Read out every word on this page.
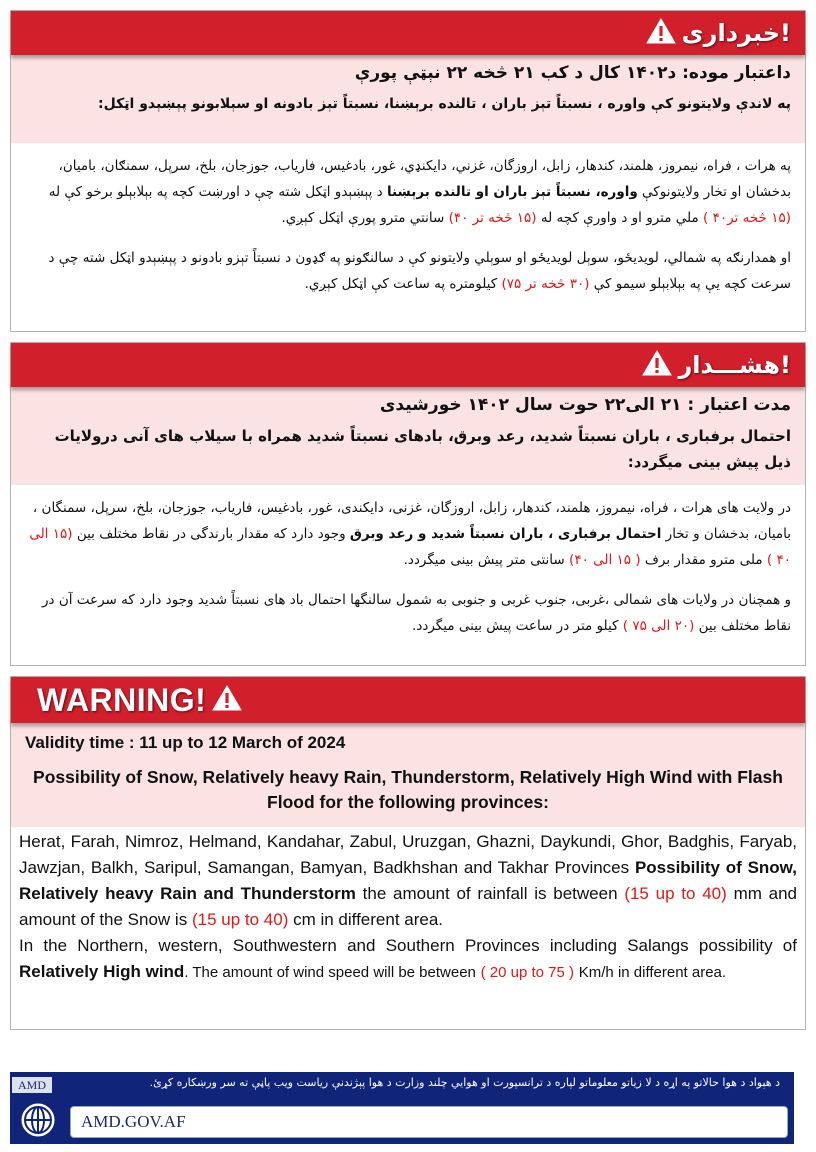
خبرداری!
داعتبار موده: د۱۴۰۲ کال د کب ۲۱ څخه ۲۲ نېټې پورې
په لاندې ولایتونو کې واوره ، نسبتاً تېز باران ، تالنده برېښنا، نسبتاً تېز بادونه او سېلابونو پېښېدو اټکل:
په هرات ، فراه، نیمروز، هلمند، کندهار، زابل، اروزگان، غزني، دایکنډي، غور، بادغیس، فاریاب، جوزجان، بلخ، سرپل، سمنګان، بامیان، بدخشان او تخار ولایتونوکې واوره، نسبتاً تېز باران او تالنده برېښنا د پېښېدو اټکل شته چې د اورښت کچه په بېلابېلو برخو کې له (۱۵ څخه تر۴۰ ) ملي مترو او د واورې کچه له (۱۵ څخه تر ۴۰) سانتي مترو پورې اټکل کېږي.
او همدارنګه په شمالي، لویدیځو، سوېل لویدیځو او سوېلي ولایتونو کې د سالنګونو په ګډون د نسبتاً تېزو بادونو د پېښېدو اټکل شته چې د سرعت کچه یې په بېلابېلو سیمو کې (۳۰ څخه تر ۷۵) کیلومتره په ساعت کې اټکل کېږي.
هشـــدار!
مدت اعتبار : ۲۱ الی۲۲ حوت سال ۱۴۰۲ خورشیدی
احتمال برفباری ، باران نسبتاً شدید، رعد وبرق، بادهای نسبتاً شدید همراه با سیلاب های آنی درولایات ذیل پیش بینی میگردد:
در ولایت های هرات ، فراه، نیمروز، هلمند، کندهار، زابل، اروزگان، غزنی، دایکندی، غور، بادغیس، فاریاب، جوزجان، بلخ، سرپل، سمنگان ، بامیان، بدخشان و تخار احتمال برفباری ، باران نسبتاً شدید و رعد وبرق وجود دارد که مقدار بارندگی در نقاط مختلف بین (۱۵ الی ۴۰ ) ملی مترو مقدار برف ( ۱۵ الی ۴۰) سانتی متر پیش بینی میگردد.
و همچنان در ولایات های شمالی ،غربی، جنوب غربی و جنوبی به شمول سالنگها احتمال باد های نسبتاً شدید وجود دارد که سرعت آن در نقاط مختلف بین (۲۰ الی ۷۵ ) کیلو متر در ساعت پیش بینی میگردد.
WARNING!
Validity time : 11 up to 12 March of 2024
Possibility of Snow, Relatively heavy Rain, Thunderstorm, Relatively High Wind with Flash Flood for the following provinces:
Herat, Farah, Nimroz, Helmand, Kandahar, Zabul, Uruzgan, Ghazni, Daykundi, Ghor, Badghis, Faryab, Jawzjan, Balkh, Saripul, Samangan, Bamyan, Badkhshan and Takhar Provinces Possibility of Snow, Relatively heavy Rain and Thunderstorm the amount of rainfall is between (15 up to 40) mm and amount of the Snow is (15 up to 40) cm in different area.
In the Northern, western, Southwestern and Southern Provinces including Salangs possibility of Relatively High wind. The amount of wind speed will be between ( 20 up to 75 ) Km/h in different area.
AMD	د هېواد د هوا حالاتو په اړه د لا زیاتو معلوماتو لپاره د ترانسپورت او هوایي چلند وزارت د هوا پېژندنې ریاست ویب پاڼې ته سر ورښکاره کړئ.
AMD.GOV.AF
